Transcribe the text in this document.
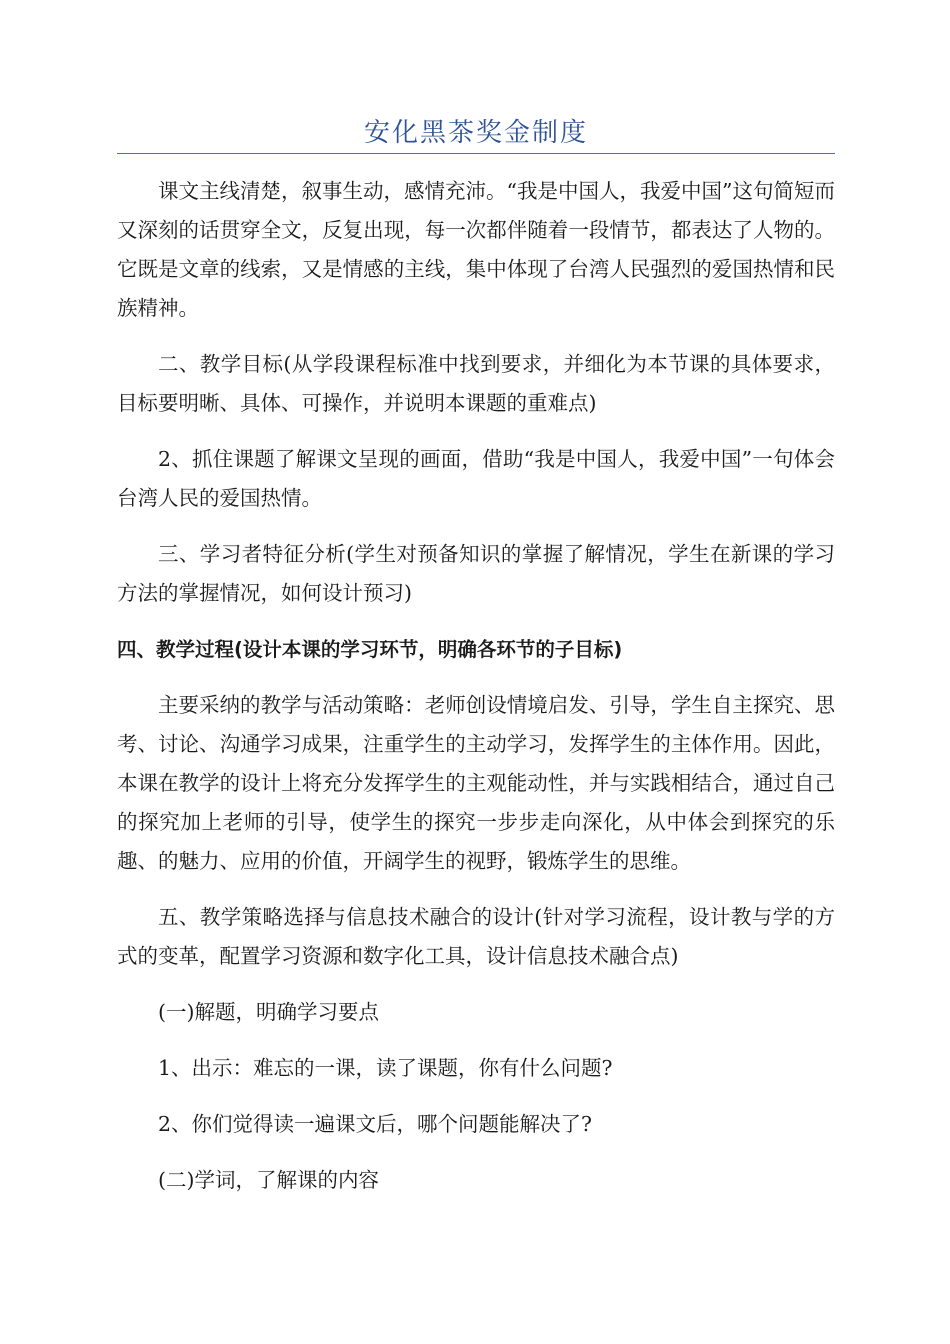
安化黑茶奖金制度

课文主线清楚，叙事生动，感情充沛。“我是中国人，我爱中国”这句简短而又深刻的话贯穿全文，反复出现，每一次都伴随着一段情节，都表达了人物的。它既是文章的线索，又是情感的主线，集中体现了台湾人民强烈的爱国热情和民族精神。

二、教学目标(从学段课程标准中找到要求，并细化为本节课的具体要求，目标要明晰、具体、可操作，并说明本课题的重难点)

2、抓住课题了解课文呈现的画面，借助“我是中国人，我爱中国”一句体会台湾人民的爱国热情。

三、学习者特征分析(学生对预备知识的掌握了解情况，学生在新课的学习方法的掌握情况，如何设计预习)

四、教学过程(设计本课的学习环节，明确各环节的子目标)

主要采纳的教学与活动策略：老师创设情境启发、引导，学生自主探究、思考、讨论、沟通学习成果，注重学生的主动学习，发挥学生的主体作用。因此，本课在教学的设计上将充分发挥学生的主观能动性，并与实践相结合，通过自己的探究加上老师的引导，使学生的探究一步步走向深化，从中体会到探究的乐趣、的魅力、应用的价值，开阔学生的视野，锻炼学生的思维。

五、教学策略选择与信息技术融合的设计(针对学习流程，设计教与学的方式的变革，配置学习资源和数字化工具，设计信息技术融合点)

(一)解题，明确学习要点

1、出示：难忘的一课，读了课题，你有什么问题?

2、你们觉得读一遍课文后，哪个问题能解决了?

(二)学词，了解课的内容
